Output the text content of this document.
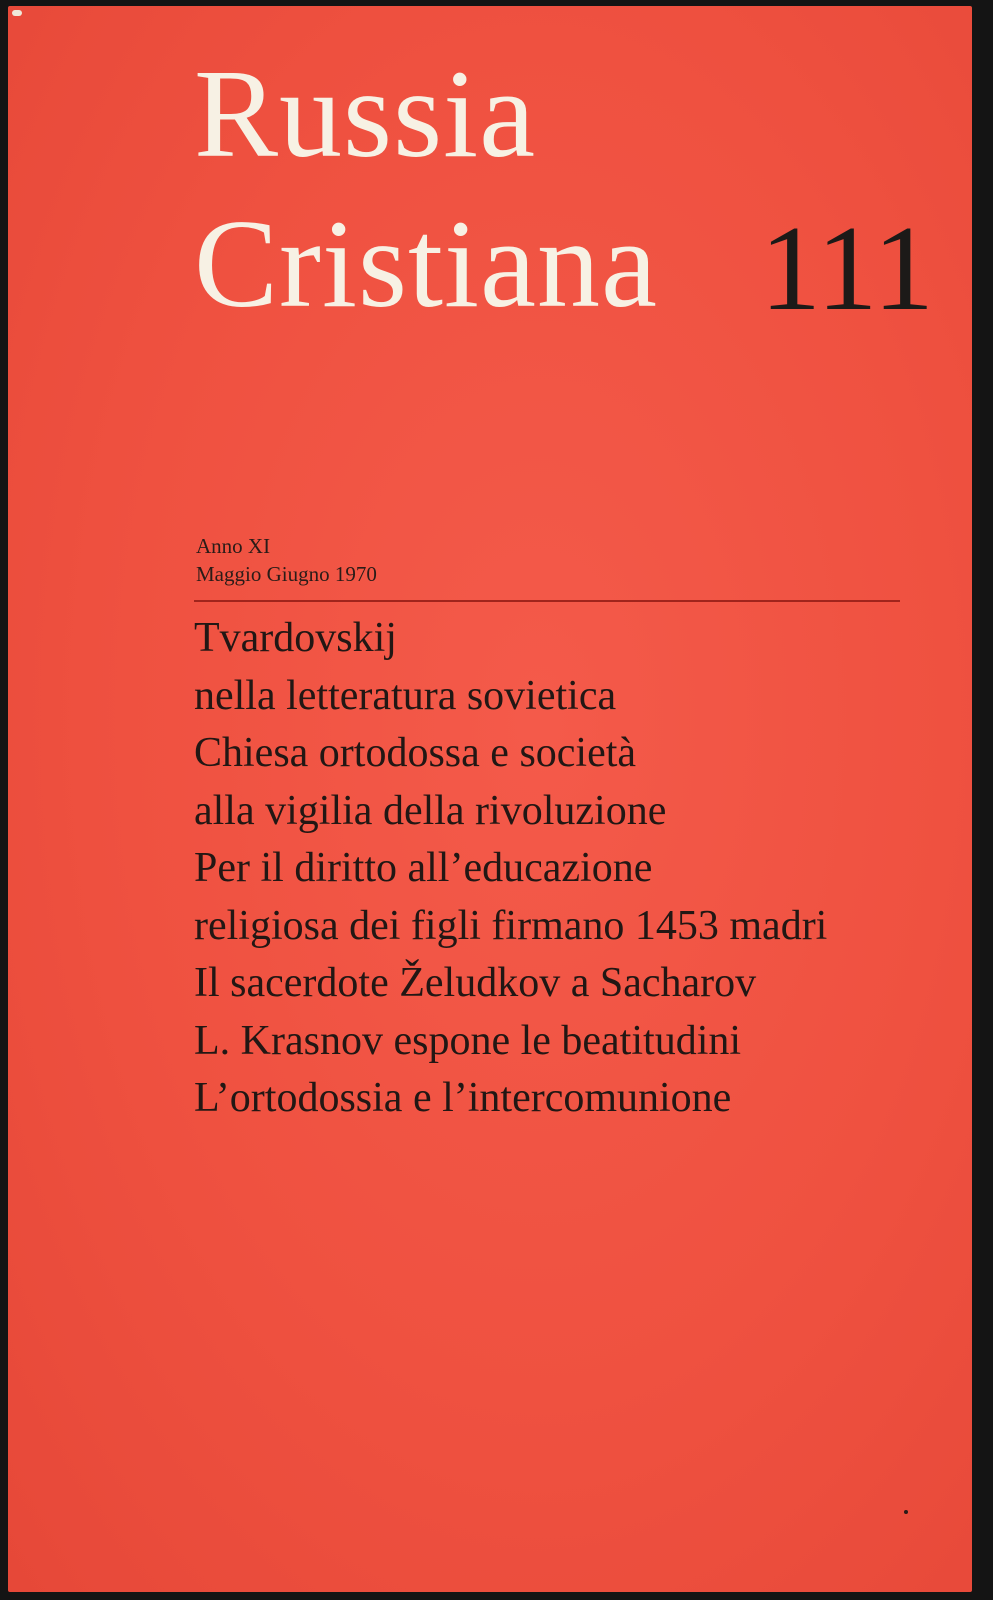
Russia
Cristiana 111
Anno XI
Maggio Giugno 1970
Tvardovskij
nella letteratura sovietica
Chiesa ortodossa e società
alla vigilia della rivoluzione
Per il diritto all’educazione
religiosa dei figli firmano 1453 madri
Il sacerdote Želudkov a Sacharov
L. Krasnov espone le beatitudini
L’ortodossia e l’intercomunione
